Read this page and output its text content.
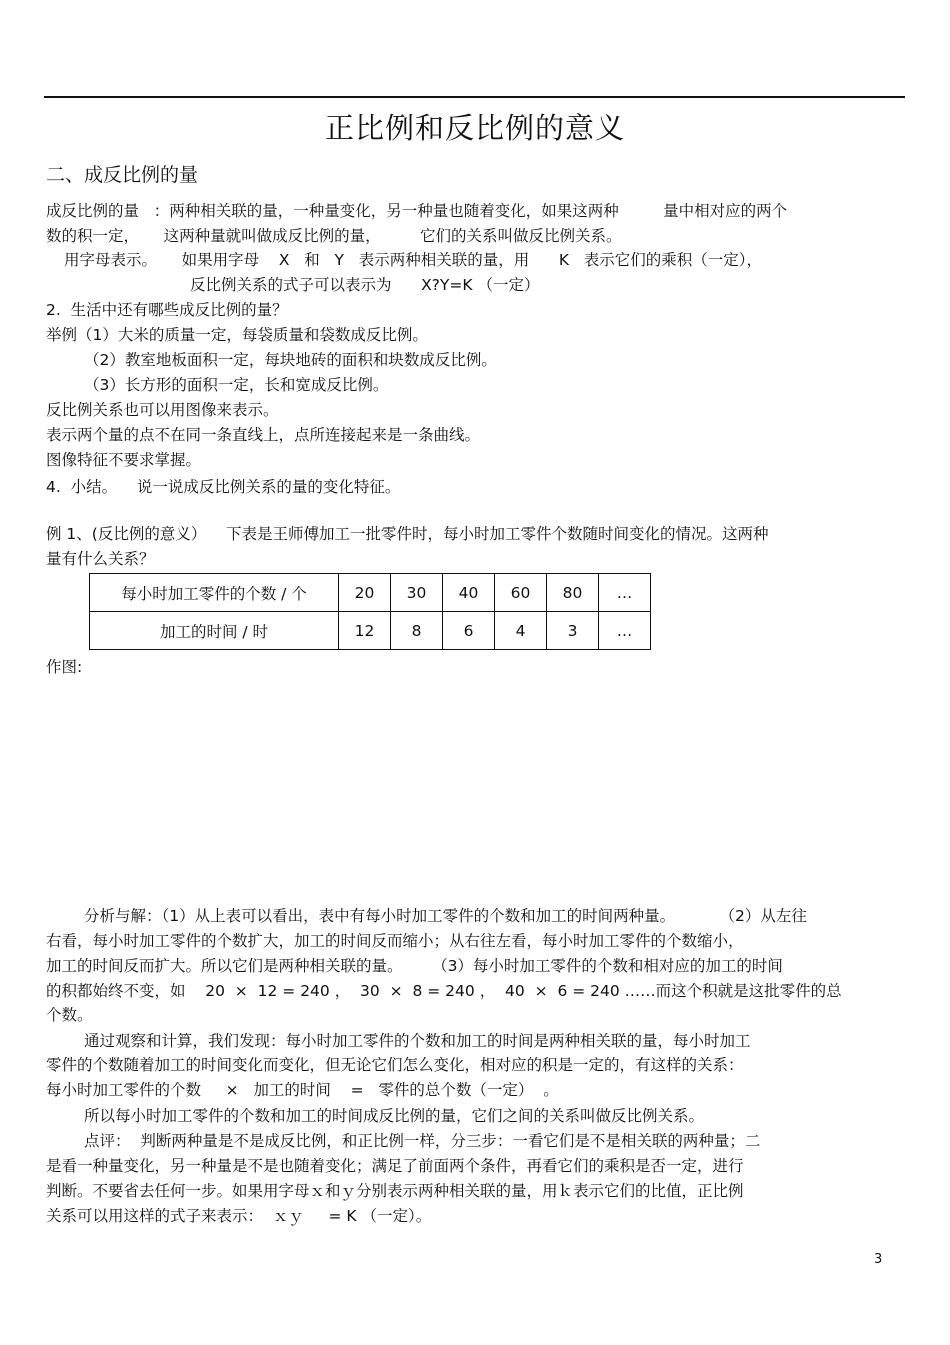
正比例和反比例的意义
二、成反比例的量
成反比例的量   ：两种相关联的量，一种量变化，另一种量也随着变化，如果这两种         量中相对应的两个
数的积一定，     这两种量就叫做成反比例的量，        它们的关系叫做反比例关系。
用字母表示。     如果用字母    X   和   Y   表示两种相关联的量，用      K   表示它们的乘积（一定），
反比例关系的式子可以表示为      X?Y=K （一定）
2.  生活中还有哪些成反比例的量？
举例（1）大米的质量一定，每袋质量和袋数成反比例。
（2）教室地板面积一定，每块地砖的面积和块数成反比例。
（3）长方形的面积一定，长和宽成反比例。
反比例关系也可以用图像来表示。
表示两个量的点不在同一条直线上，点所连接起来是一条曲线。
图像特征不要求掌握。
4.  小结。    说一说成反比例关系的量的变化特征。
例 1、(反比例的意义）    下表是王师傅加工一批零件时，每小时加工零件个数随时间变化的情况。这两种
量有什么关系？
每小时加工零件的个数 / 个	20	30	40	60	80	…
加工的时间 / 时	12	8	6	4	3	…
作图:
分析与解：（1）从上表可以看出，表中有每小时加工零件的个数和加工的时间两种量。         （2）从左往
右看，每小时加工零件的个数扩大，加工的时间反而缩小；从右往左看，每小时加工零件的个数缩小，
加工的时间反而扩大。所以它们是两种相关联的量。      （3）每小时加工零件的个数和相对应的加工的时间
的积都始终不变，如    20  ×  12 = 240 ，  30  ×  8 = 240 ，  40  ×  6 = 240 ……而这个积就是这批零件的总
个数。
通过观察和计算，我们发现：每小时加工零件的个数和加工的时间是两种相关联的量，每小时加工
零件的个数随着加工的时间变化而变化，但无论它们怎么变化，相对应的积是一定的，有这样的关系：
每小时加工零件的个数     ×   加工的时间    =   零件的总个数（一定）  。
所以每小时加工零件的个数和加工的时间成反比例的量，它们之间的关系叫做反比例关系。
点评：  判断两种量是不是成反比例，和正比例一样，分三步：一看它们是不是相关联的两种量；二
是看一种量变化，另一种量是不是也随着变化；满足了前面两个条件，再看它们的乘积是否一定，进行
判断。不要省去任何一步。如果用字母ｘ和ｙ分别表示两种相关联的量，用ｋ表示它们的比值，正比例
关系可以用这样的式子来表示：  ｘｙ     = K （一定）。
3
